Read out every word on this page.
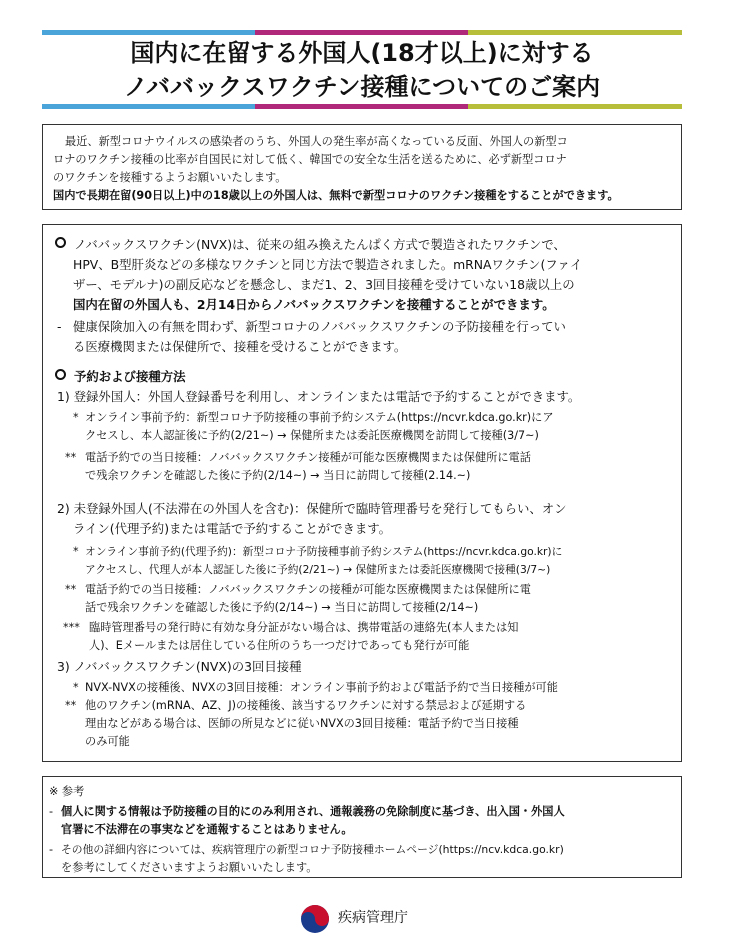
国内に在留する外国人(18才以上)に対する
ノババックスワクチン接種についてのご案内
最近、新型コロナウイルスの感染者のうち、外国人の発生率が高くなっている反面、外国人の新型コ
ロナのワクチン接種の比率が自国民に対して低く、韓国での安全な生活を送るために、必ず新型コロナ
のワクチンを接種するようお願いいたします。
国内で長期在留(90日以上)中の18歳以上の外国人は、無料で新型コロナのワクチン接種をすることができます。
ノババックスワクチン(NVX)は、従来の組み換えたんぱく方式で製造されたワクチンで、
HPV、B型肝炎などの多様なワクチンと同じ方法で製造されました。mRNAワクチン(ファイ
ザー、モデルナ)の副反応などを懸念し、まだ1、2、3回目接種を受けていない18歳以上の
国内在留の外国人も、2月14日からノババックスワクチンを接種することができます。
- 健康保険加入の有無を問わず、新型コロナのノババックスワクチンの予防接種を行ってい
る医療機関または保健所で、接種を受けることができます。
予約および接種方法
1) 登録外国人：外国人登録番号を利用し、オンラインまたは電話で予約することができます。
* オンライン事前予約：新型コロナ予防接種の事前予約システム(https://ncvr.kdca.go.kr)にア
クセスし、本人認証後に予約(2/21~) → 保健所または委託医療機関を訪問して接種(3/7~)
** 電話予約での当日接種：ノババックスワクチン接種が可能な医療機関または保健所に電話
で残余ワクチンを確認した後に予約(2/14~) → 当日に訪問して接種(2.14.~)
2) 未登録外国人(不法滞在の外国人を含む)：保健所で臨時管理番号を発行してもらい、オン
ライン(代理予約)または電話で予約することができます。
* オンライン事前予約(代理予約)：新型コロナ予防接種事前予約システム(https://ncvr.kdca.go.kr)に
アクセスし、代理人が本人認証した後に予約(2/21~) → 保健所または委託医療機関で接種(3/7~)
** 電話予約での当日接種：ノババックスワクチンの接種が可能な医療機関または保健所に電
話で残余ワクチンを確認した後に予約(2/14~) → 当日に訪問して接種(2/14~)
*** 臨時管理番号の発行時に有効な身分証がない場合は、携帯電話の連絡先(本人または知
人)、Eメールまたは居住している住所のうち一つだけであっても発行が可能
3) ノババックスワクチン(NVX)の3回目接種
* NVX-NVXの接種後、NVXの3回目接種：オンライン事前予約および電話予約で当日接種が可能
** 他のワクチン(mRNA、AZ、J)の接種後、該当するワクチンに対する禁忌および延期する
理由などがある場合は、医師の所見などに従いNVXの3回目接種：電話予約で当日接種
のみ可能
※ 参考
- 個人に関する情報は予防接種の目的にのみ利用され、通報義務の免除制度に基づき、出入国・外国人
官署に不法滞在の事実などを通報することはありません。
- その他の詳細内容については、疾病管理庁の新型コロナ予防接種ホームページ(https://ncv.kdca.go.kr)
を参考にしてくださいますようお願いいたします。
疾病管理庁
